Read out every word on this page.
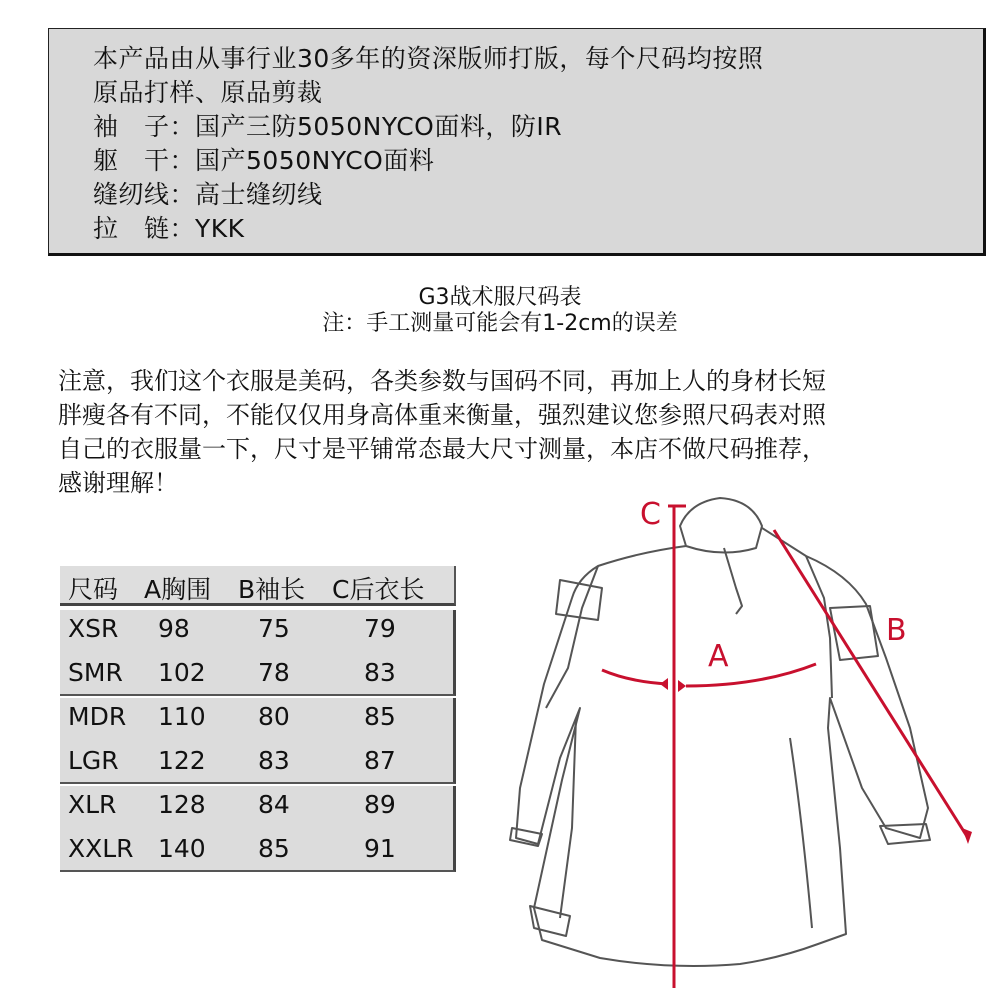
本产品由从事行业30多年的资深版师打版，每个尺码均按照
原品打样、原品剪裁
袖　子：国产三防5050NYCO面料，防IR
躯　干：国产5050NYCO面料
缝纫线：高士缝纫线
拉　链：YKK
G3战术服尺码表
注：手工测量可能会有1-2cm的误差
注意，我们这个衣服是美码，各类参数与国码不同，再加上人的身材长短
胖瘦各有不同，不能仅仅用身高体重来衡量，强烈建议您参照尺码表对照
自己的衣服量一下，尺寸是平铺常态最大尺寸测量，本店不做尺码推荐，
感谢理解！
尺码 A胸围 B袖长 C后衣长
XSR 98	75	79
SMR 102 78	83
MDR 110 80	85
LGR 122 83	87
XLR 128 84	89
XXLR 140 85	91
C
A
B
